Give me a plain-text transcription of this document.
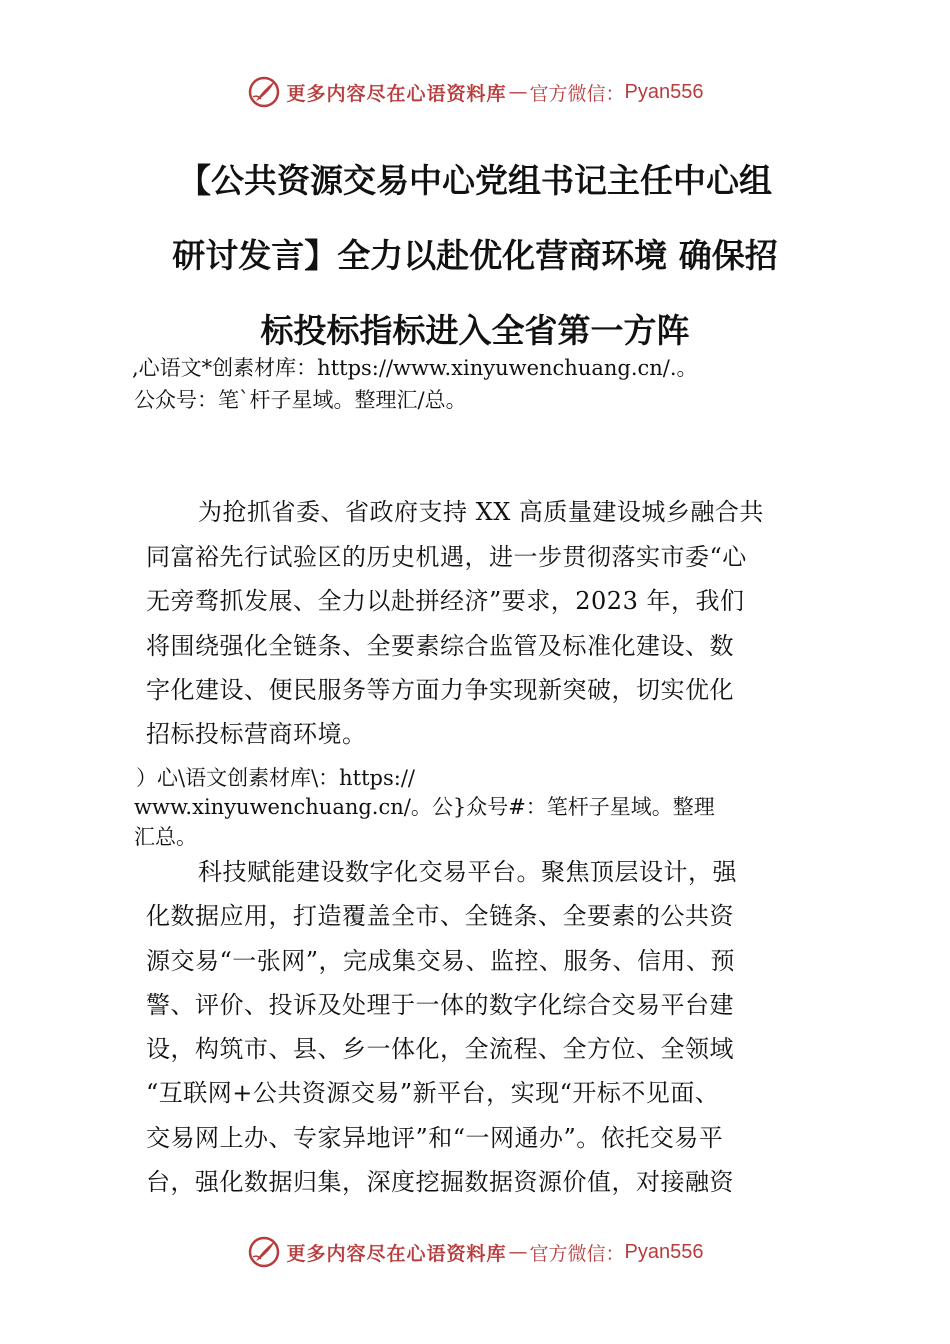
更多内容尽在心语资料库 — 官方微信： Pyan556
【公共资源交易中心党组书记主任中心组
研讨发言】全力以赴优化营商环境 确保招
标投标指标进入全省第一方阵
,心语文*创素材库：https://www.xinyuwenchuang.cn/.。
公众号：笔`杆子星域。整理汇/总。
为抢抓省委、省政府支持 XX 高质量建设城乡融合共
同富裕先行试验区的历史机遇，进一步贯彻落实市委“心
无旁骛抓发展、全力以赴拼经济”要求，2023 年，我们
将围绕强化全链条、全要素综合监管及标准化建设、数
字化建设、便民服务等方面力争实现新突破，切实优化
招标投标营商环境。
）心\语文创素材库\：https://
www.xinyuwenchuang.cn/。公}众号#：笔杆子星域。整理
汇总。
科技赋能建设数字化交易平台。聚焦顶层设计，强
化数据应用，打造覆盖全市、全链条、全要素的公共资
源交易“一张网”，完成集交易、监控、服务、信用、预
警、评价、投诉及处理于一体的数字化综合交易平台建
设，构筑市、县、乡一体化，全流程、全方位、全领域
“互联网+公共资源交易”新平台，实现“开标不见面、
交易网上办、专家异地评”和“一网通办”。依托交易平
台，强化数据归集，深度挖掘数据资源价值，对接融资
更多内容尽在心语资料库 — 官方微信： Pyan556
